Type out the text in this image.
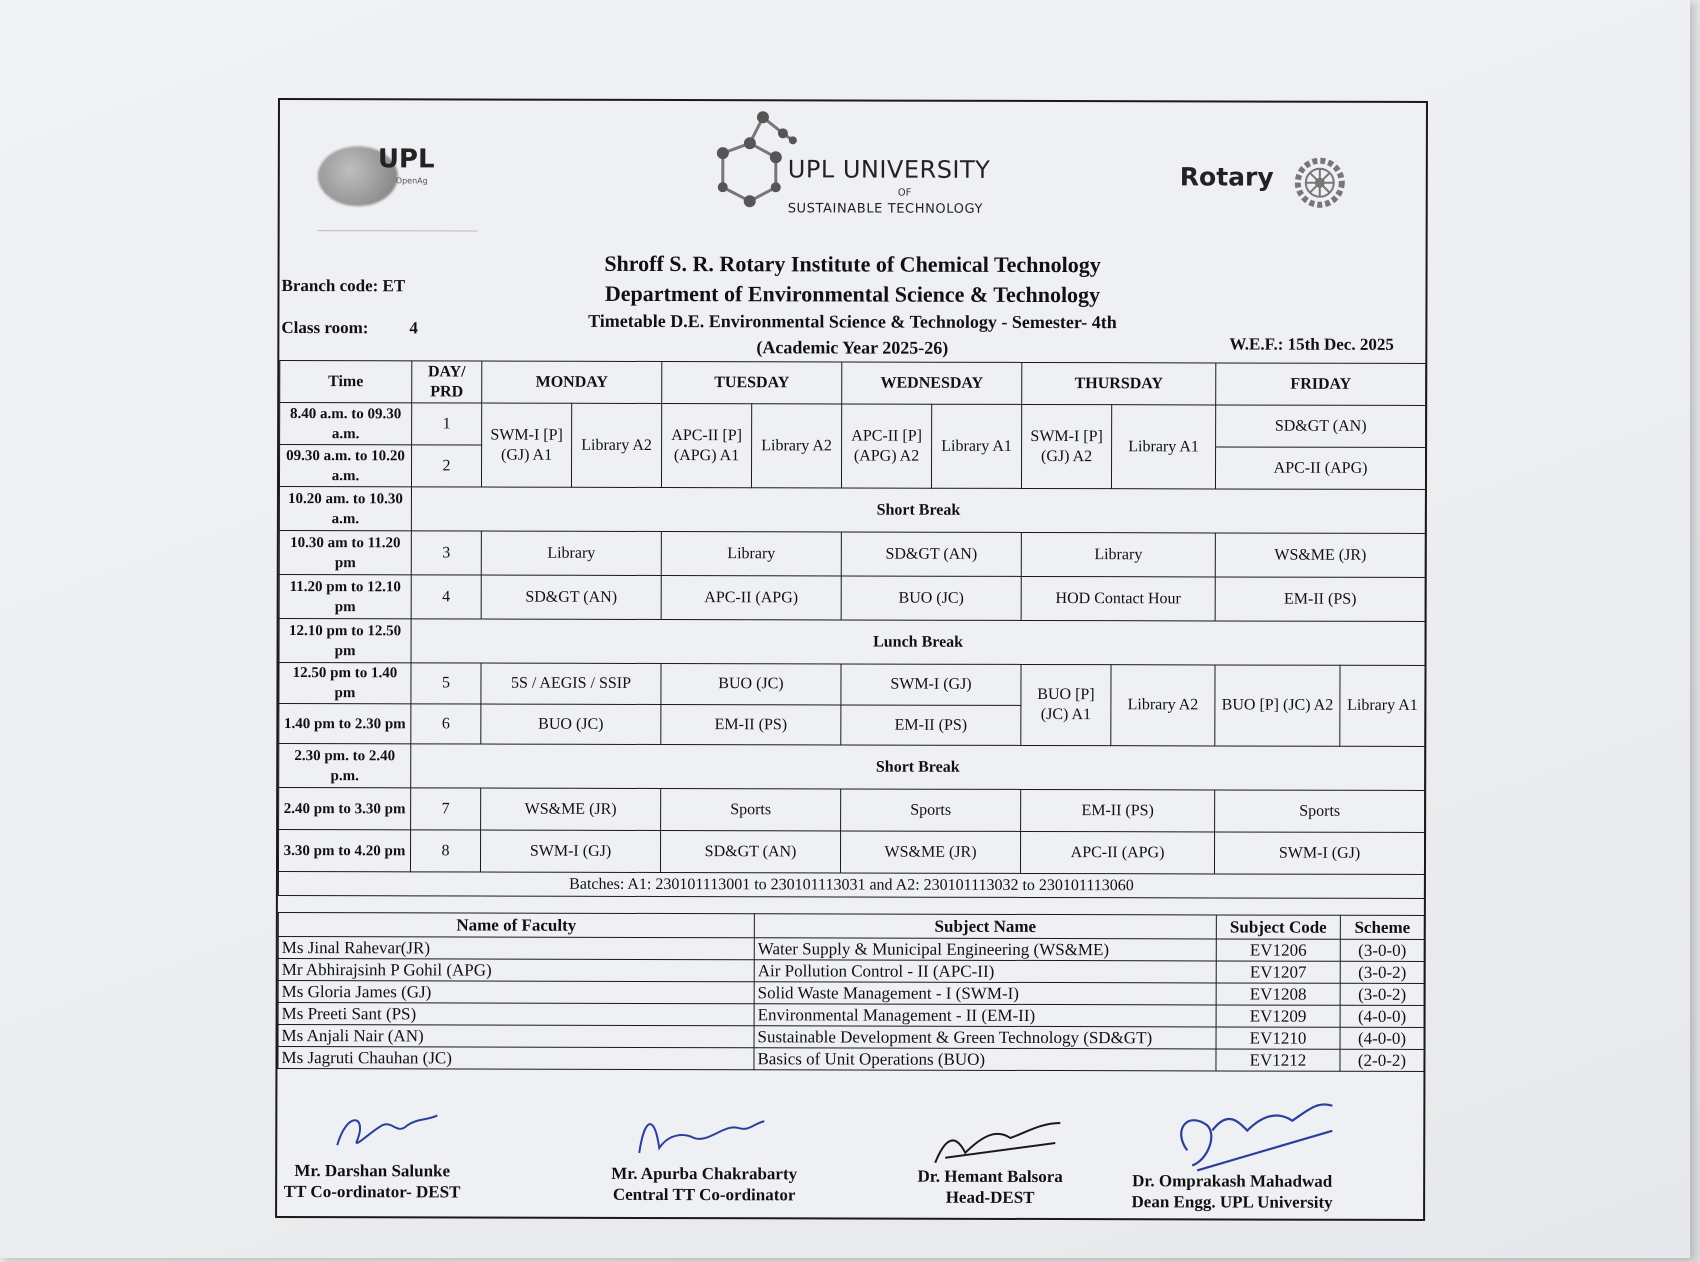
UPL
OpenAg	UPL UNIVERSITY
OF
SUSTAINABLE TECHNOLOGY
Rotary
Shroff S. R. Rotary Institute of Chemical Technology
Department of Environmental Science & Technology
Timetable D.E. Environmental Science & Technology - Semester- 4th
(Academic Year 2025-26)
Branch code: ET
Class room: 4
W.E.F.: 15th Dec. 2025
Time	DAY/ PRD	MONDAY		TUESDAY		WEDNESDAY		THURSDAY		FRIDAY	
8.40 a.m. to 09.30 a.m.	1	SWM-I [P] (GJ) A1	Library A2	APC-II [P] (APG) A1	Library A2	APC-II [P] (APG) A2	Library A1	SWM-I [P] (GJ) A2	Library A1	SD&GT (AN)	
09.30 a.m. to 10.20 a.m.	2									APC-II (APG)	
10.20 am. to 10.30 a.m.	Short Break										
10.30 am to 11.20 pm	3	Library		Library		SD&GT (AN)		Library		WS&ME (JR)	
11.20 pm to 12.10 pm	4	SD&GT (AN)		APC-II (APG)		BUO (JC)		HOD Contact Hour		EM-II (PS)	
12.10 pm to 12.50 pm	Lunch Break										
12.50 pm to 1.40 pm	5	5S / AEGIS / SSIP		BUO (JC)		SWM-I (GJ)		BUO [P] (JC) A1	Library A2	BUO [P] (JC) A2	Library A1
1.40 pm to 2.30 pm	6	BUO (JC)		EM-II (PS)		EM-II (PS)					
2.30 pm. to 2.40 p.m.	Short Break										
2.40 pm to 3.30 pm	7	WS&ME (JR)		Sports		Sports		EM-II (PS)		Sports	
3.30 pm to 4.20 pm	8	SWM-I (GJ)		SD&GT (AN)		WS&ME (JR)		APC-II (APG)		SWM-I (GJ)	
Batches: A1: 230101113001 to 230101113031 and A2: 230101113032 to 230101113060											
Name of Faculty	Subject Name	Subject Code	Scheme
Ms Jinal Rahevar(JR)	Water Supply & Municipal Engineering (WS&ME)	EV1206	(3-0-0)
Mr Abhirajsinh P Gohil (APG)	Air Pollution Control - II (APC-II)	EV1207	(3-0-2)
Ms Gloria James (GJ)	Solid Waste Management - I (SWM-I)	EV1208	(3-0-2)
Ms Preeti Sant (PS)	Environmental Management - II (EM-II)	EV1209	(4-0-0)
Ms Anjali Nair (AN)	Sustainable Development & Green Technology (SD&GT)	EV1210	(4-0-0)
Ms Jagruti Chauhan (JC)	Basics of Unit Operations (BUO)	EV1212	(2-0-2)
Mr. Darshan Salunke
TT Co-ordinator- DEST
Mr. Apurba Chakrabarty
Central TT Co-ordinator
Dr. Hemant Balsora
Head-DEST
Dr. Omprakash Mahadwad
Dean Engg. UPL University
